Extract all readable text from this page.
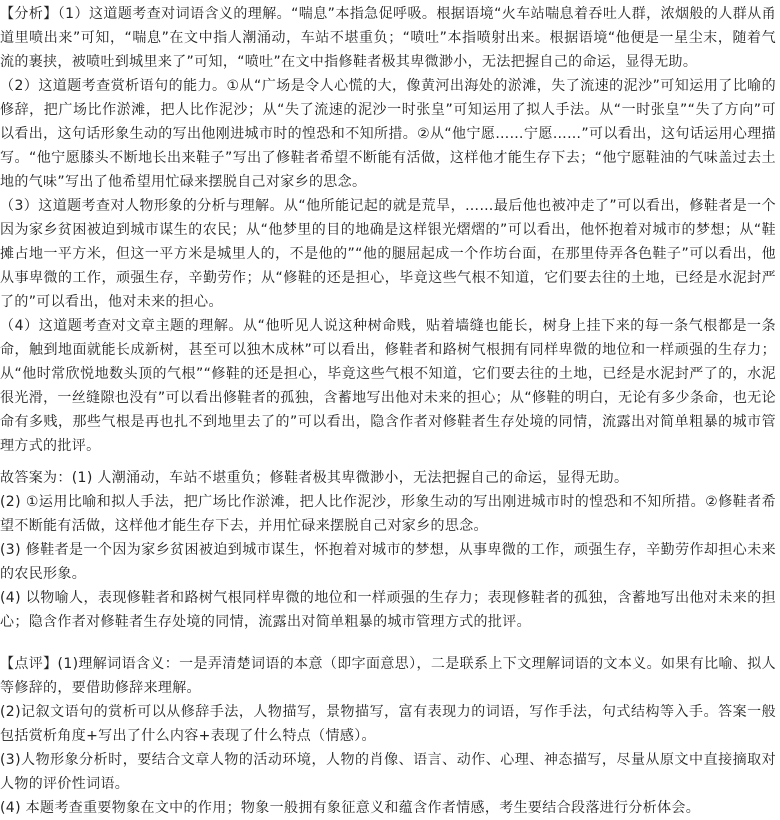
【分析】（1）这道题考查对词语含义的理解。“喘息”本指急促呼吸。根据语境“火车站喘息着吞吐人群，浓烟般的人群从甬道里喷出来”可知，“喘息”在文中指人潮涌动，车站不堪重负；“喷吐”本指喷射出来。根据语境“他便是一星尘末，随着气流的裹挟，被喷吐到城里来了”可知，“喷吐”在文中指修鞋者极其卑微渺小，无法把握自己的命运，显得无助。

（2）这道题考查赏析语句的能力。①从“广场是令人心慌的大，像黄河出海处的淤滩，失了流速的泥沙”可知运用了比喻的修辞，把广场比作淤滩，把人比作泥沙；从“失了流速的泥沙一时张皇”可知运用了拟人手法。从“一时张皇”“失了方向”可以看出，这句话形象生动的写出他刚进城市时的惶恐和不知所措。②从“他宁愿……宁愿……”可以看出，这句话运用心理描写。“他宁愿膝头不断地长出来鞋子”写出了修鞋者希望不断能有活做，这样他才能生存下去；“他宁愿鞋油的气味盖过去土地的气味”写出了他希望用忙碌来摆脱自己对家乡的思念。

（3）这道题考查对人物形象的分析与理解。从“他所能记起的就是荒旱，……最后他也被冲走了”可以看出，修鞋者是一个因为家乡贫困被迫到城市谋生的农民；从“他梦里的目的地确是这样银光熠熠的”可以看出，他怀抱着对城市的梦想；从“鞋摊占地一平方米，但这一平方米是城里人的，不是他的”“他的腿屈起成一个作坊台面，在那里侍弄各色鞋子”可以看出，他从事卑微的工作，顽强生存，辛勤劳作；从“修鞋的还是担心，毕竟这些气根不知道，它们要去往的土地，已经是水泥封严了的”可以看出，他对未来的担心。

（4）这道题考查对文章主题的理解。从“他听见人说这种树命贱，贴着墙缝也能长，树身上挂下来的每一条气根都是一条命，触到地面就能长成新树，甚至可以独木成林”可以看出，修鞋者和路树气根拥有同样卑微的地位和一样顽强的生存力；从“他时常欣悦地数头顶的气根”“修鞋的还是担心，毕竟这些气根不知道，它们要去往的土地，已经是水泥封严了的，水泥很光滑，一丝缝隙也没有”可以看出修鞋者的孤独，含蓄地写出他对未来的担心；从“修鞋的明白，无论有多少条命，也无论命有多贱，那些气根是再也扎不到地里去了的”可以看出，隐含作者对修鞋者生存处境的同情，流露出对简单粗暴的城市管理方式的批评。

故答案为：(1) 人潮涌动，车站不堪重负；修鞋者极其卑微渺小，无法把握自己的命运，显得无助。

(2) ①运用比喻和拟人手法，把广场比作淤滩，把人比作泥沙，形象生动的写出刚进城市时的惶恐和不知所措。②修鞋者希望不断能有活做，这样他才能生存下去，并用忙碌来摆脱自己对家乡的思念。

(3) 修鞋者是一个因为家乡贫困被迫到城市谋生，怀抱着对城市的梦想，从事卑微的工作，顽强生存，辛勤劳作却担心未来的农民形象。

(4) 以物喻人，表现修鞋者和路树气根同样卑微的地位和一样顽强的生存力；表现修鞋者的孤独，含蓄地写出他对未来的担心；隐含作者对修鞋者生存处境的同情，流露出对简单粗暴的城市管理方式的批评。

【点评】(1)理解词语含义：一是弄清楚词语的本意（即字面意思），二是联系上下文理解词语的文本义。如果有比喻、拟人等修辞的，要借助修辞来理解。

(2)记叙文语句的赏析可以从修辞手法，人物描写，景物描写，富有表现力的词语，写作手法，句式结构等入手。答案一般包括赏析角度+写出了什么内容+表现了什么特点（情感）。

(3)人物形象分析时，要结合文章人物的活动环境，人物的肖像、语言、动作、心理、神态描写，尽量从原文中直接摘取对人物的评价性词语。

(4) 本题考查重要物象在文中的作用；物象一般拥有象征意义和蕴含作者情感，考生要结合段落进行分析体会。
